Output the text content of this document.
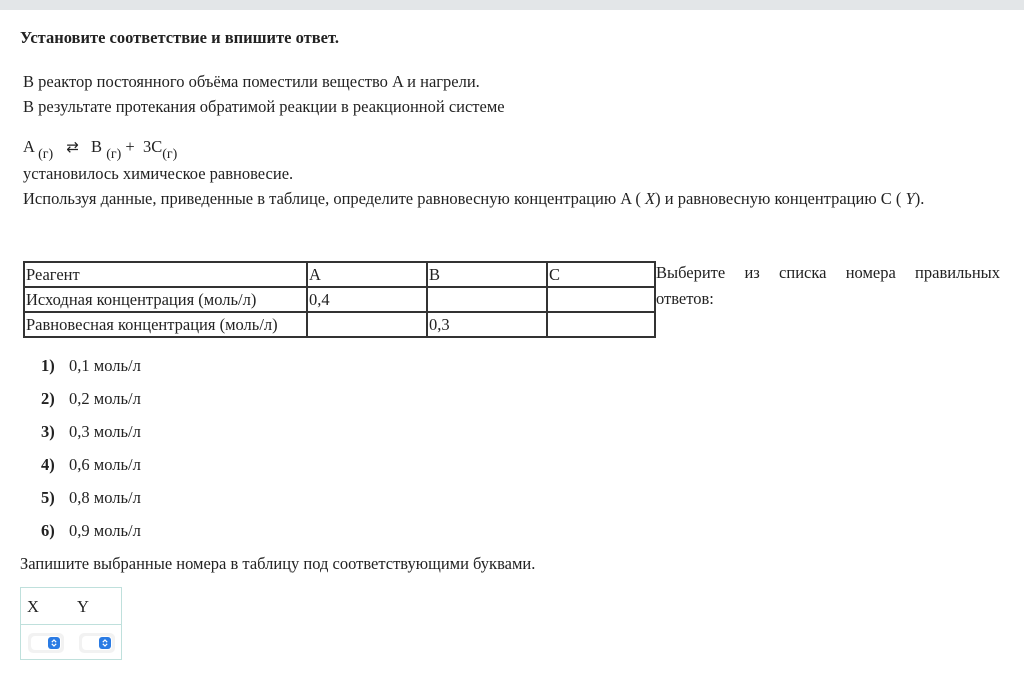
Установите соответствие и впишите ответ.

В реактор постоянного объёма поместили вещество A и нагрели.

В результате протекания обратимой реакции в реакционной системе

A $_{(г)}$ ⇄ B $_{(г)} + 3C_{(г)}$

установилось химическое равновесие.

Используя данные, приведенные в таблице, определите равновесную концентрацию A ( X) и равновесную концентрацию C ( Y).

Реагент	A	B	C
Исходная концентрация (моль/л)	0,4		
Равновесная концентрация (моль/л)		0,3	
Выберите из списка номера правильных
ответов:
1) 0,1 моль/л
2) 0,2 моль/л
3) 0,3 моль/л
4) 0,6 моль/л
5) 0,8 моль/л
6) 0,9 моль/л
Запишите выбранные номера в таблицу под соответствующими буквами.
X Y
